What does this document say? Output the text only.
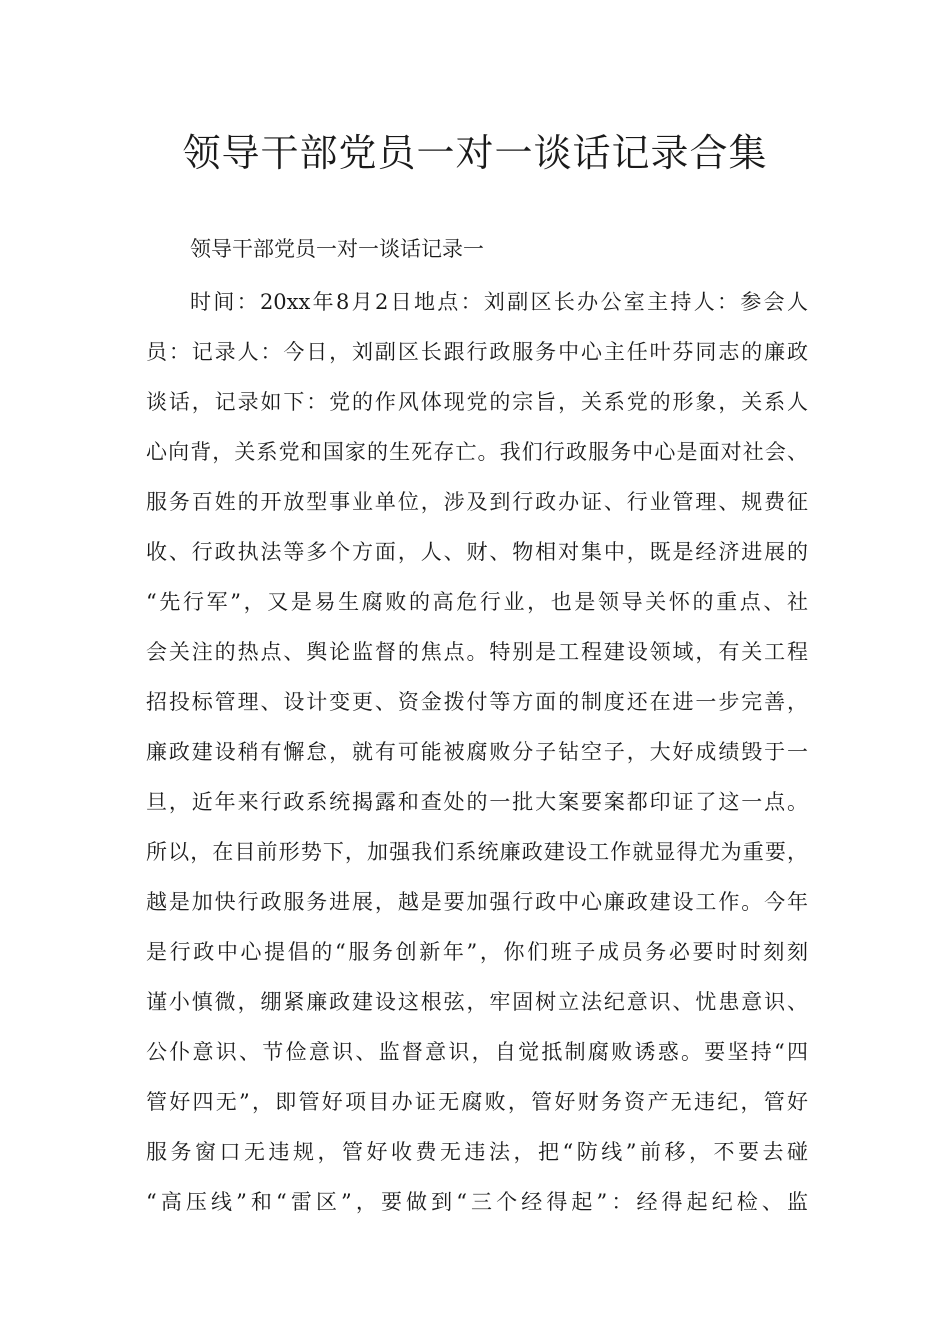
领导干部党员一对一谈话记录合集
领导干部党员一对一谈话记录一
时间：20xx年8月2日地点：刘副区长办公室主持人：参会人
员：记录人：今日，刘副区长跟行政服务中心主任叶芬同志的廉政
谈话，记录如下：党的作风体现党的宗旨，关系党的形象，关系人
心向背，关系党和国家的生死存亡。我们行政服务中心是面对社会、
服务百姓的开放型事业单位，涉及到行政办证、行业管理、规费征
收、行政执法等多个方面，人、财、物相对集中，既是经济进展的
“先行军”，又是易生腐败的高危行业，也是领导关怀的重点、社
会关注的热点、舆论监督的焦点。特别是工程建设领域，有关工程
招投标管理、设计变更、资金拨付等方面的制度还在进一步完善，
廉政建设稍有懈怠，就有可能被腐败分子钻空子，大好成绩毁于一
旦，近年来行政系统揭露和查处的一批大案要案都印证了这一点。
所以，在目前形势下，加强我们系统廉政建设工作就显得尤为重要，
越是加快行政服务进展，越是要加强行政中心廉政建设工作。今年
是行政中心提倡的“服务创新年”，你们班子成员务必要时时刻刻
谨小慎微，绷紧廉政建设这根弦，牢固树立法纪意识、忧患意识、
公仆意识、节俭意识、监督意识，自觉抵制腐败诱惑。要坚持“四
管好四无”，即管好项目办证无腐败，管好财务资产无违纪，管好
服务窗口无违规，管好收费无违法，把“防线”前移，不要去碰
“高压线”和“雷区”，要做到“三个经得起”：经得起纪检、监
